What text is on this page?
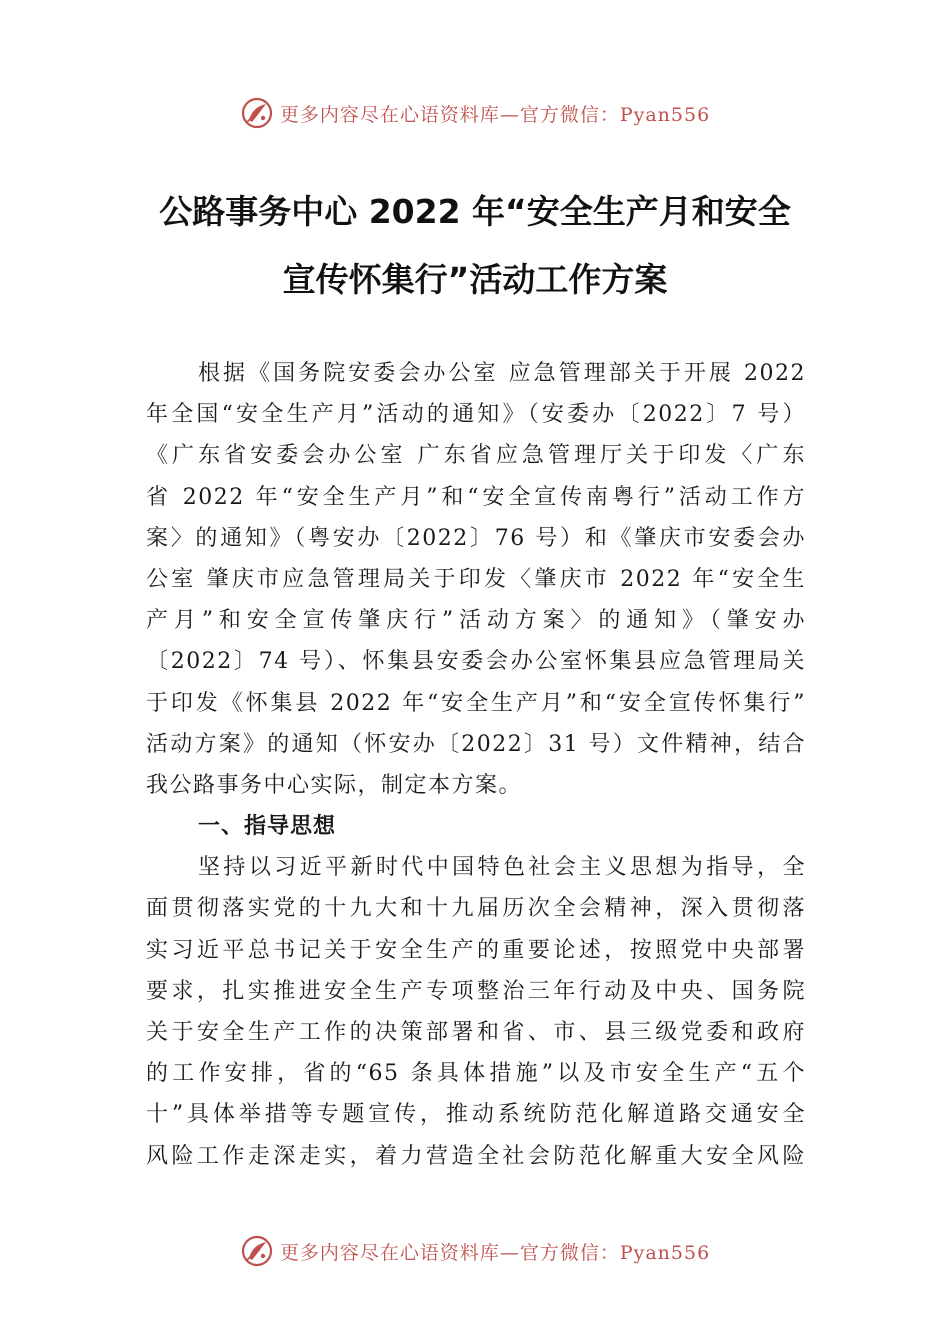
更多内容尽在心语资料库—官方微信：Pyan556
公路事务中心 2022 年“安全生产月和安全
宣传怀集行”活动工作方案
根据《国务院安委会办公室 应急管理部关于开展 2022
年全国“安全生产月”活动的通知》（安委办〔2022〕7 号）
《广东省安委会办公室 广东省应急管理厅关于印发〈广东
省 2022 年“安全生产月”和“安全宣传南粤行”活动工作方
案〉的通知》（粤安办〔2022〕76 号）和《肇庆市安委会办
公室 肇庆市应急管理局关于印发〈肇庆市 2022 年“安全生
产月”和安全宣传肇庆行”活动方案〉的通知》（肇安办
〔2022〕74 号）、怀集县安委会办公室怀集县应急管理局关
于印发《怀集县 2022 年“安全生产月”和“安全宣传怀集行”
活动方案》的通知（怀安办〔2022〕31 号）文件精神，结合
我公路事务中心实际，制定本方案。
一、指导思想
坚持以习近平新时代中国特色社会主义思想为指导，全
面贯彻落实党的十九大和十九届历次全会精神，深入贯彻落
实习近平总书记关于安全生产的重要论述，按照党中央部署
要求，扎实推进安全生产专项整治三年行动及中央、国务院
关于安全生产工作的决策部署和省、市、县三级党委和政府
的工作安排，省的“65 条具体措施”以及市安全生产“五个
十”具体举措等专题宣传，推动系统防范化解道路交通安全
风险工作走深走实，着力营造全社会防范化解重大安全风险
更多内容尽在心语资料库—官方微信：Pyan556
